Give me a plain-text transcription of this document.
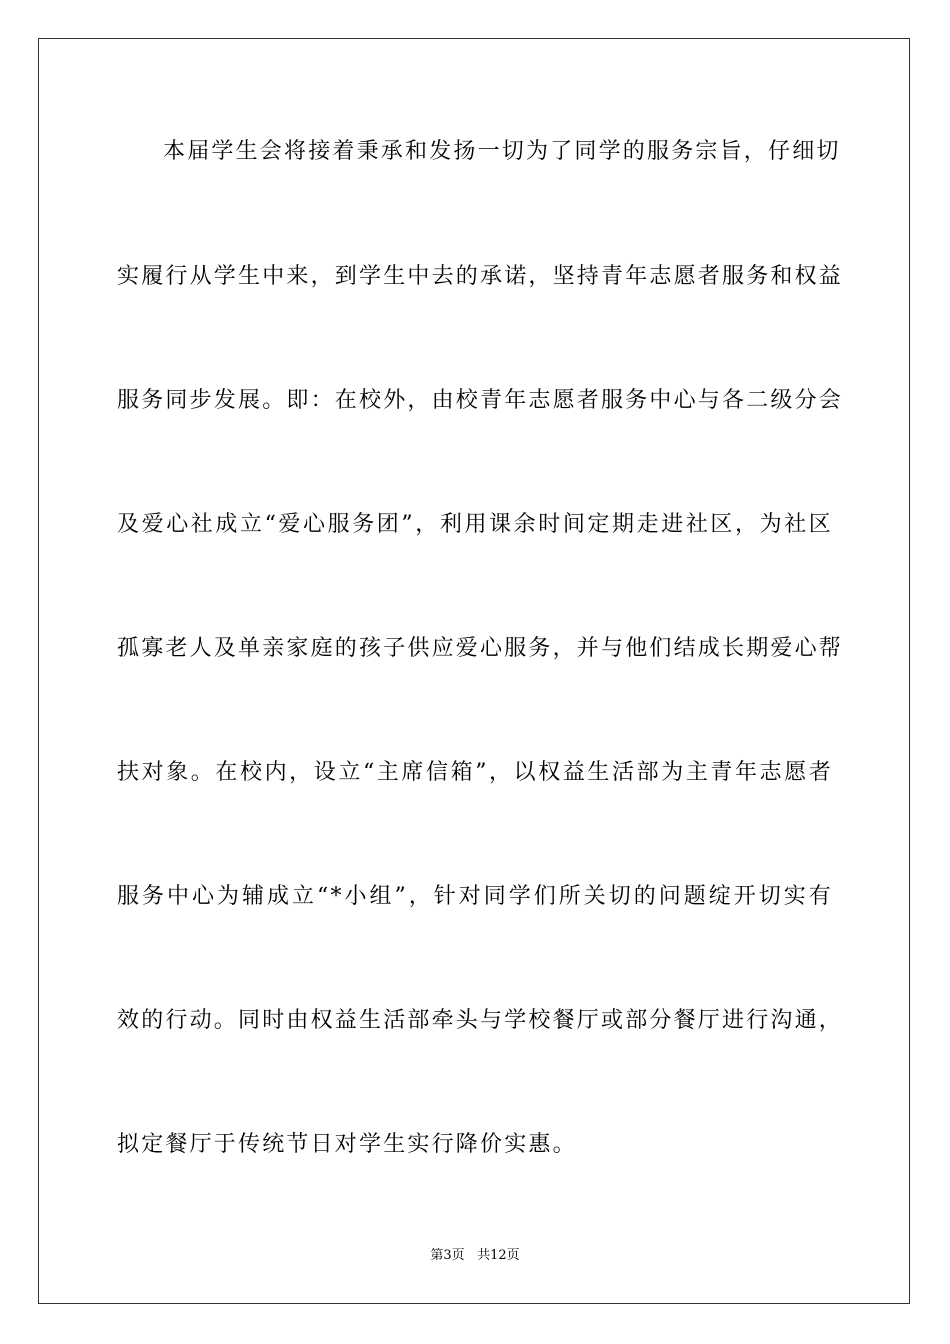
本届学生会将接着秉承和发扬一切为了同学的服务宗旨，仔细切
实履行从学生中来，到学生中去的承诺，坚持青年志愿者服务和权益
服务同步发展。即：在校外，由校青年志愿者服务中心与各二级分会
及爱心社成立“爱心服务团”，利用课余时间定期走进社区，为社区
孤寡老人及单亲家庭的孩子供应爱心服务，并与他们结成长期爱心帮
扶对象。在校内，设立“主席信箱”，以权益生活部为主青年志愿者
服务中心为辅成立“*小组”，针对同学们所关切的问题绽开切实有
效的行动。同时由权益生活部牵头与学校餐厅或部分餐厅进行沟通，
拟定餐厅于传统节日对学生实行降价实惠。
第3页 共12页
